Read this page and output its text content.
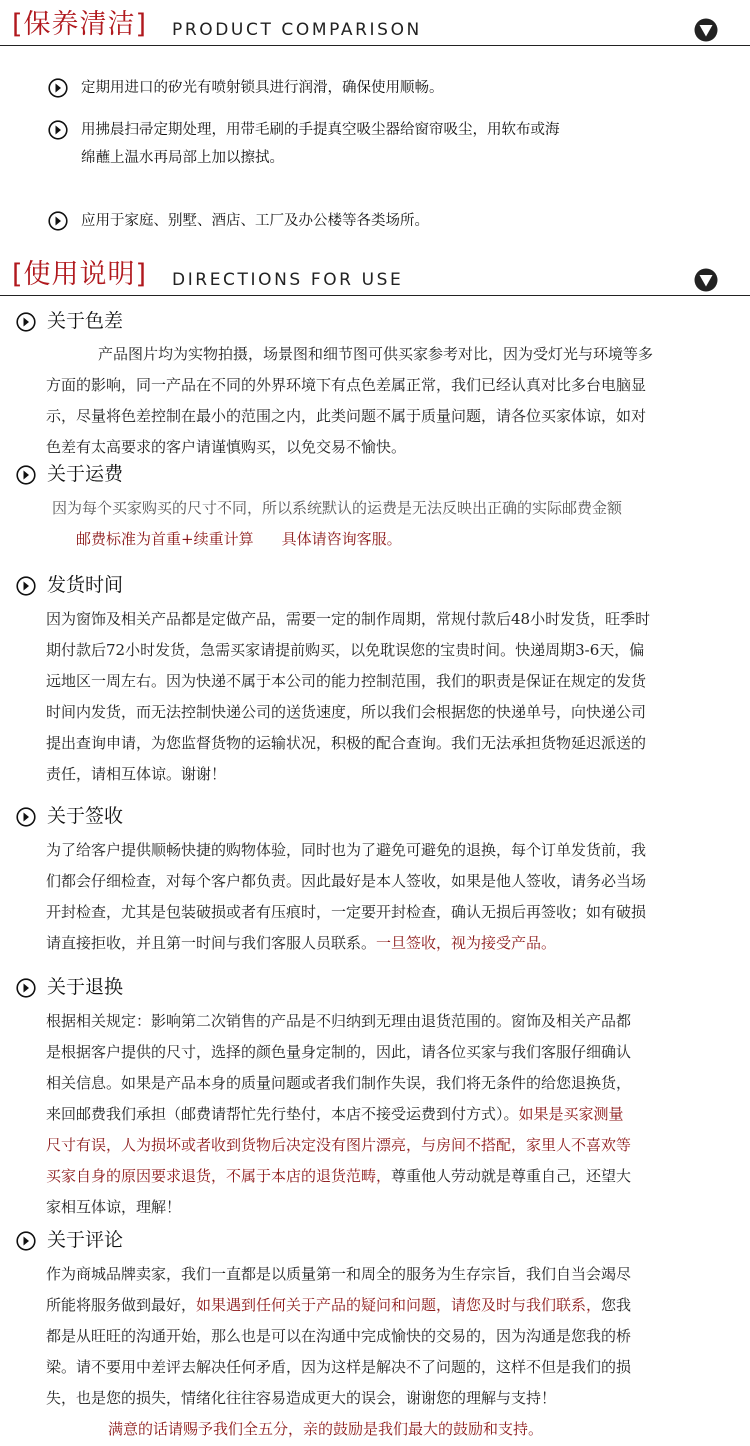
[保养清洁] PRODUCT COMPARISON
定期用进口的矽光有喷射锁具进行润滑，确保使用顺畅。
用拂晨扫帚定期处理，用带毛刷的手提真空吸尘器给窗帘吸尘，用软布或海
绵蘸上温水再局部上加以擦拭。
应用于家庭、别墅、酒店、工厂及办公楼等各类场所。
[使用说明] DIRECTIONS FOR USE
关于色差
产品图片均为实物拍摄，场景图和细节图可供买家参考对比，因为受灯光与环境等多
方面的影响，同一产品在不同的外界环境下有点色差属正常，我们已经认真对比多台电脑显
示，尽量将色差控制在最小的范围之内，此类问题不属于质量问题，请各位买家体谅，如对
色差有太高要求的客户请谨慎购买，以免交易不愉快。
关于运费
因为每个买家购买的尺寸不同，所以系统默认的运费是无法反映出正确的实际邮费金额
邮费标准为首重+续重计算 具体请咨询客服。
发货时间
因为窗饰及相关产品都是定做产品，需要一定的制作周期，常规付款后48小时发货，旺季时
期付款后72小时发货，急需买家请提前购买，以免耽误您的宝贵时间。快递周期3-6天，偏
远地区一周左右。因为快递不属于本公司的能力控制范围，我们的职责是保证在规定的发货
时间内发货，而无法控制快递公司的送货速度，所以我们会根据您的快递单号，向快递公司
提出查询申请，为您监督货物的运输状况，积极的配合查询。我们无法承担货物延迟派送的
责任，请相互体谅。谢谢！
关于签收
为了给客户提供顺畅快捷的购物体验，同时也为了避免可避免的退换，每个订单发货前，我
们都会仔细检查，对每个客户都负责。因此最好是本人签收，如果是他人签收，请务必当场
开封检查，尤其是包装破损或者有压痕时，一定要开封检查，确认无损后再签收；如有破损
请直接拒收，并且第一时间与我们客服人员联系。一旦签收，视为接受产品。
关于退换
根据相关规定：影响第二次销售的产品是不归纳到无理由退货范围的。窗饰及相关产品都
是根据客户提供的尺寸，选择的颜色量身定制的，因此，请各位买家与我们客服仔细确认
相关信息。如果是产品本身的质量问题或者我们制作失误，我们将无条件的给您退换货，
来回邮费我们承担（邮费请帮忙先行垫付，本店不接受运费到付方式）。如果是买家测量
尺寸有误，人为损坏或者收到货物后决定没有图片漂亮，与房间不搭配，家里人不喜欢等
买家自身的原因要求退货，不属于本店的退货范畴，尊重他人劳动就是尊重自己，还望大
家相互体谅，理解！
关于评论
作为商城品牌卖家，我们一直都是以质量第一和周全的服务为生存宗旨，我们自当会竭尽
所能将服务做到最好，如果遇到任何关于产品的疑问和问题，请您及时与我们联系，您我
都是从旺旺的沟通开始，那么也是可以在沟通中完成愉快的交易的，因为沟通是您我的桥
梁。请不要用中差评去解决任何矛盾，因为这样是解决不了问题的，这样不但是我们的损
失，也是您的损失，情绪化往往容易造成更大的误会，谢谢您的理解与支持！
满意的话请赐予我们全五分，亲的鼓励是我们最大的鼓励和支持。
